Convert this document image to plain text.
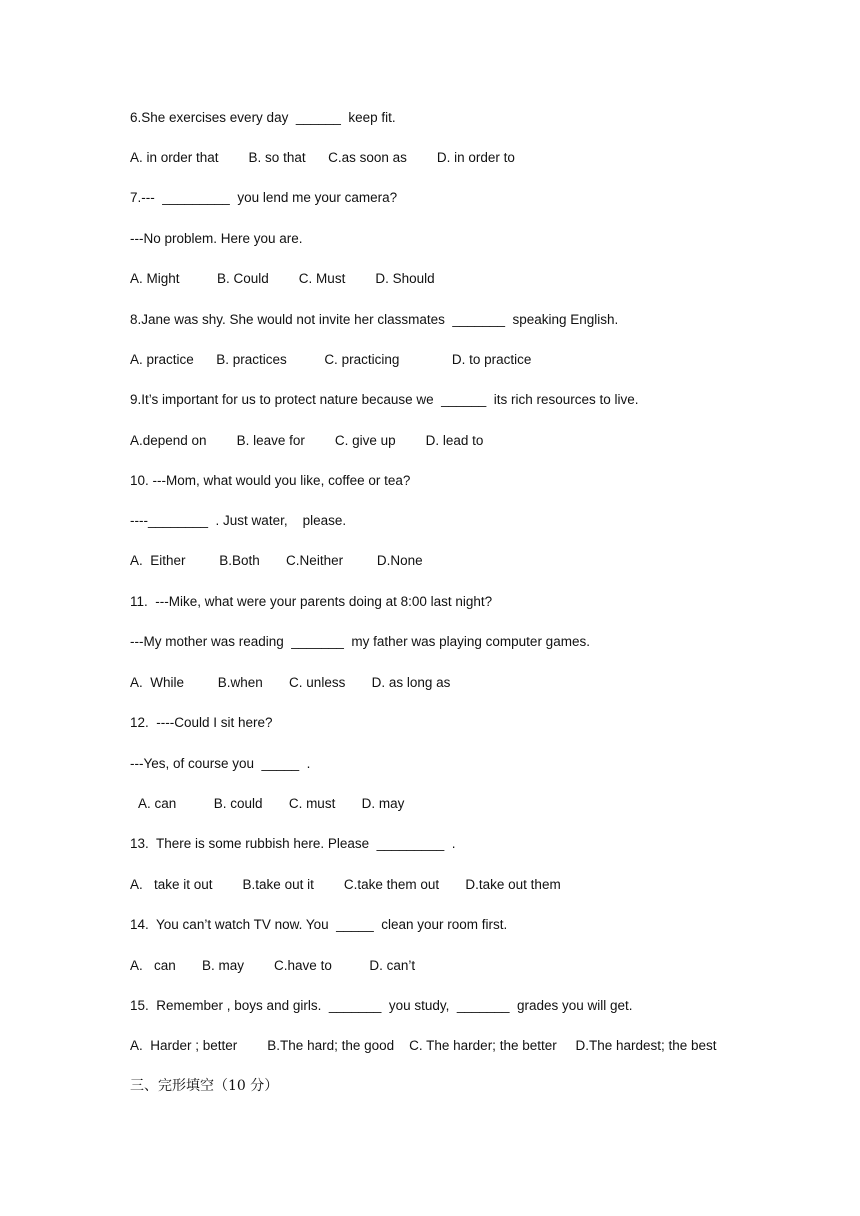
6.She exercises every day  ______  keep fit.
A. in order that        B. so that      C.as soon as        D. in order to
7.---  _________  you lend me your camera?
---No problem. Here you are.
A. Might          B. Could        C. Must        D. Should
8.Jane was shy. She would not invite her classmates  _______  speaking English.
A. practice      B. practices          C. practicing              D. to practice
9.It’s important for us to protect nature because we  ______  its rich resources to live.
A.depend on        B. leave for        C. give up        D. lead to
10. ---Mom, what would you like, coffee or tea?
----________  . Just water,    please.
A.  Either         B.Both       C.Neither         D.None
11.  ---Mike, what were your parents doing at 8:00 last night?
---My mother was reading  _______  my father was playing computer games.
A.  While         B.when       C. unless       D. as long as
12.  ----Could I sit here?
---Yes, of course you  _____  .
A. can          B. could       C. must       D. may
13.  There is some rubbish here. Please  _________  .
A.   take it out        B.take out it        C.take them out       D.take out them
14.  You can’t watch TV now. You  _____  clean your room first.
A.   can       B. may        C.have to          D. can’t
15.  Remember , boys and girls.  _______  you study,  _______  grades you will get.
A.  Harder ; better        B.The hard; the good    C. The harder; the better     D.The hardest; the best
三、完形填空（10 分）
